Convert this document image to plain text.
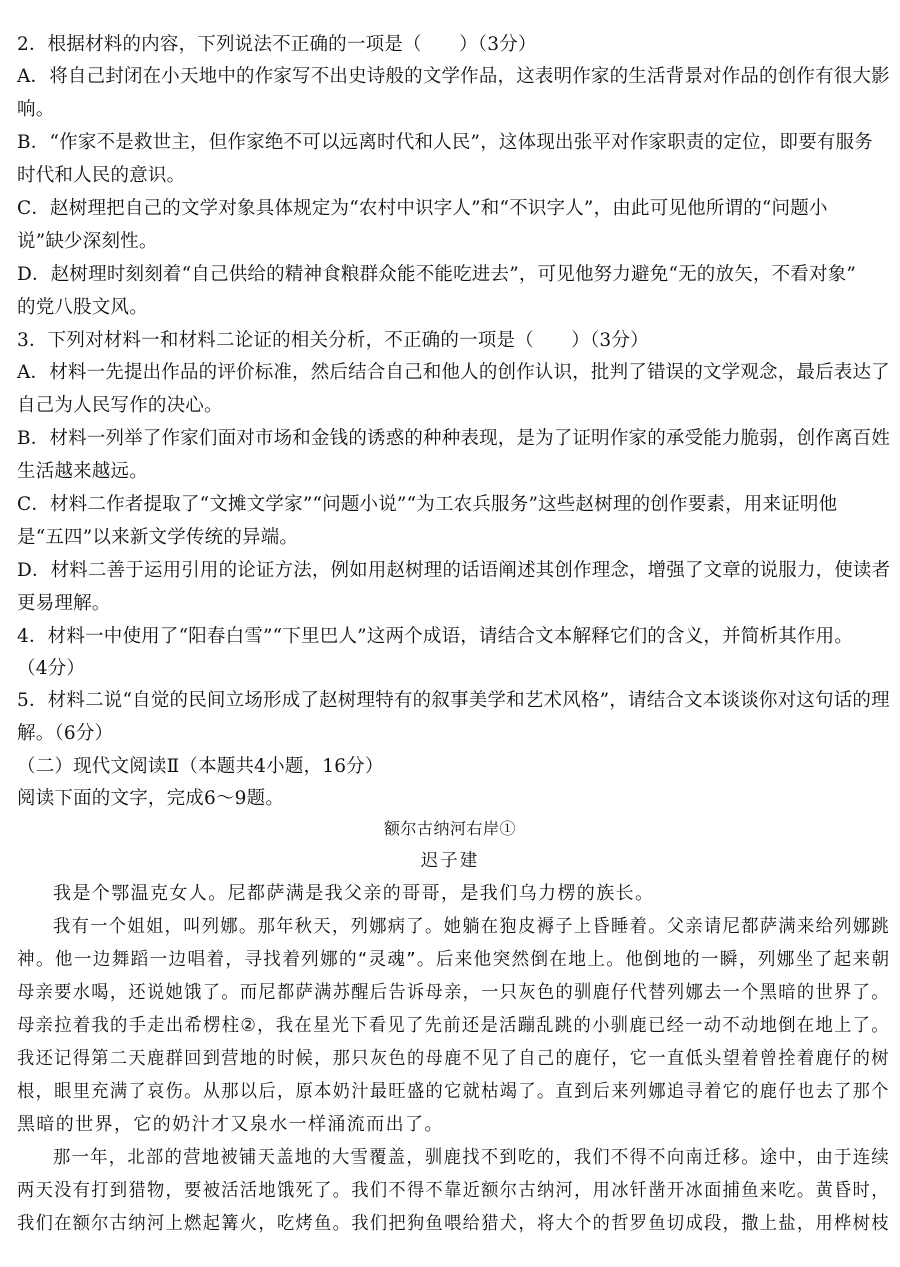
2．根据材料的内容，下列说法不正确的一项是（　　）（3分）
A．将自己封闭在小天地中的作家写不出史诗般的文学作品，这表明作家的生活背景对作品的创作有很大影
响。
B．“作家不是救世主，但作家绝不可以远离时代和人民”，这体现出张平对作家职责的定位，即要有服务
时代和人民的意识。
C．赵树理把自己的文学对象具体规定为“农村中识字人”和“不识字人”，由此可见他所谓的“问题小
说”缺少深刻性。
D．赵树理时刻刻着“自己供给的精神食粮群众能不能吃进去”，可见他努力避免“无的放矢，不看对象”
的党八股文风。
3．下列对材料一和材料二论证的相关分析，不正确的一项是（　　）（3分）
A．材料一先提出作品的评价标准，然后结合自己和他人的创作认识，批判了错误的文学观念，最后表达了
自己为人民写作的决心。
B．材料一列举了作家们面对市场和金钱的诱惑的种种表现，是为了证明作家的承受能力脆弱，创作离百姓
生活越来越远。
C．材料二作者提取了“文摊文学家”“问题小说”“为工农兵服务”这些赵树理的创作要素，用来证明他
是“五四”以来新文学传统的异端。
D．材料二善于运用引用的论证方法，例如用赵树理的话语阐述其创作理念，增强了文章的说服力，使读者
更易理解。
4．材料一中使用了“阳春白雪”“下里巴人”这两个成语，请结合文本解释它们的含义，并简析其作用。
（4分）
5．材料二说“自觉的民间立场形成了赵树理特有的叙事美学和艺术风格”，请结合文本谈谈你对这句话的理
解。（6分）
（二）现代文阅读Ⅱ（本题共4小题，16分）
阅读下面的文字，完成6～9题。
额尔古纳河右岸①
迟子建
我是个鄂温克女人。尼都萨满是我父亲的哥哥，是我们乌力楞的族长。
我有一个姐姐，叫列娜。那年秋天，列娜病了。她躺在狍皮褥子上昏睡着。父亲请尼都萨满来给列娜跳
神。他一边舞蹈一边唱着，寻找着列娜的“灵魂”。后来他突然倒在地上。他倒地的一瞬，列娜坐了起来朝
母亲要水喝，还说她饿了。而尼都萨满苏醒后告诉母亲，一只灰色的驯鹿仔代替列娜去一个黑暗的世界了。
母亲拉着我的手走出希楞柱②，我在星光下看见了先前还是活蹦乱跳的小驯鹿已经一动不动地倒在地上了。
我还记得第二天鹿群回到营地的时候，那只灰色的母鹿不见了自己的鹿仔，它一直低头望着曾拴着鹿仔的树
根，眼里充满了哀伤。从那以后，原本奶汁最旺盛的它就枯竭了。直到后来列娜追寻着它的鹿仔也去了那个
黑暗的世界，它的奶汁才又泉水一样涌流而出了。
那一年，北部的营地被铺天盖地的大雪覆盖，驯鹿找不到吃的，我们不得不向南迁移。途中，由于连续
两天没有打到猎物，要被活活地饿死了。我们不得不靠近额尔古纳河，用冰钎凿开冰面捕鱼来吃。黄昏时，
我们在额尔古纳河上燃起篝火，吃烤鱼。我们把狗鱼喂给猎犬，将大个的哲罗鱼切成段，撒上盐，用桦树枝
